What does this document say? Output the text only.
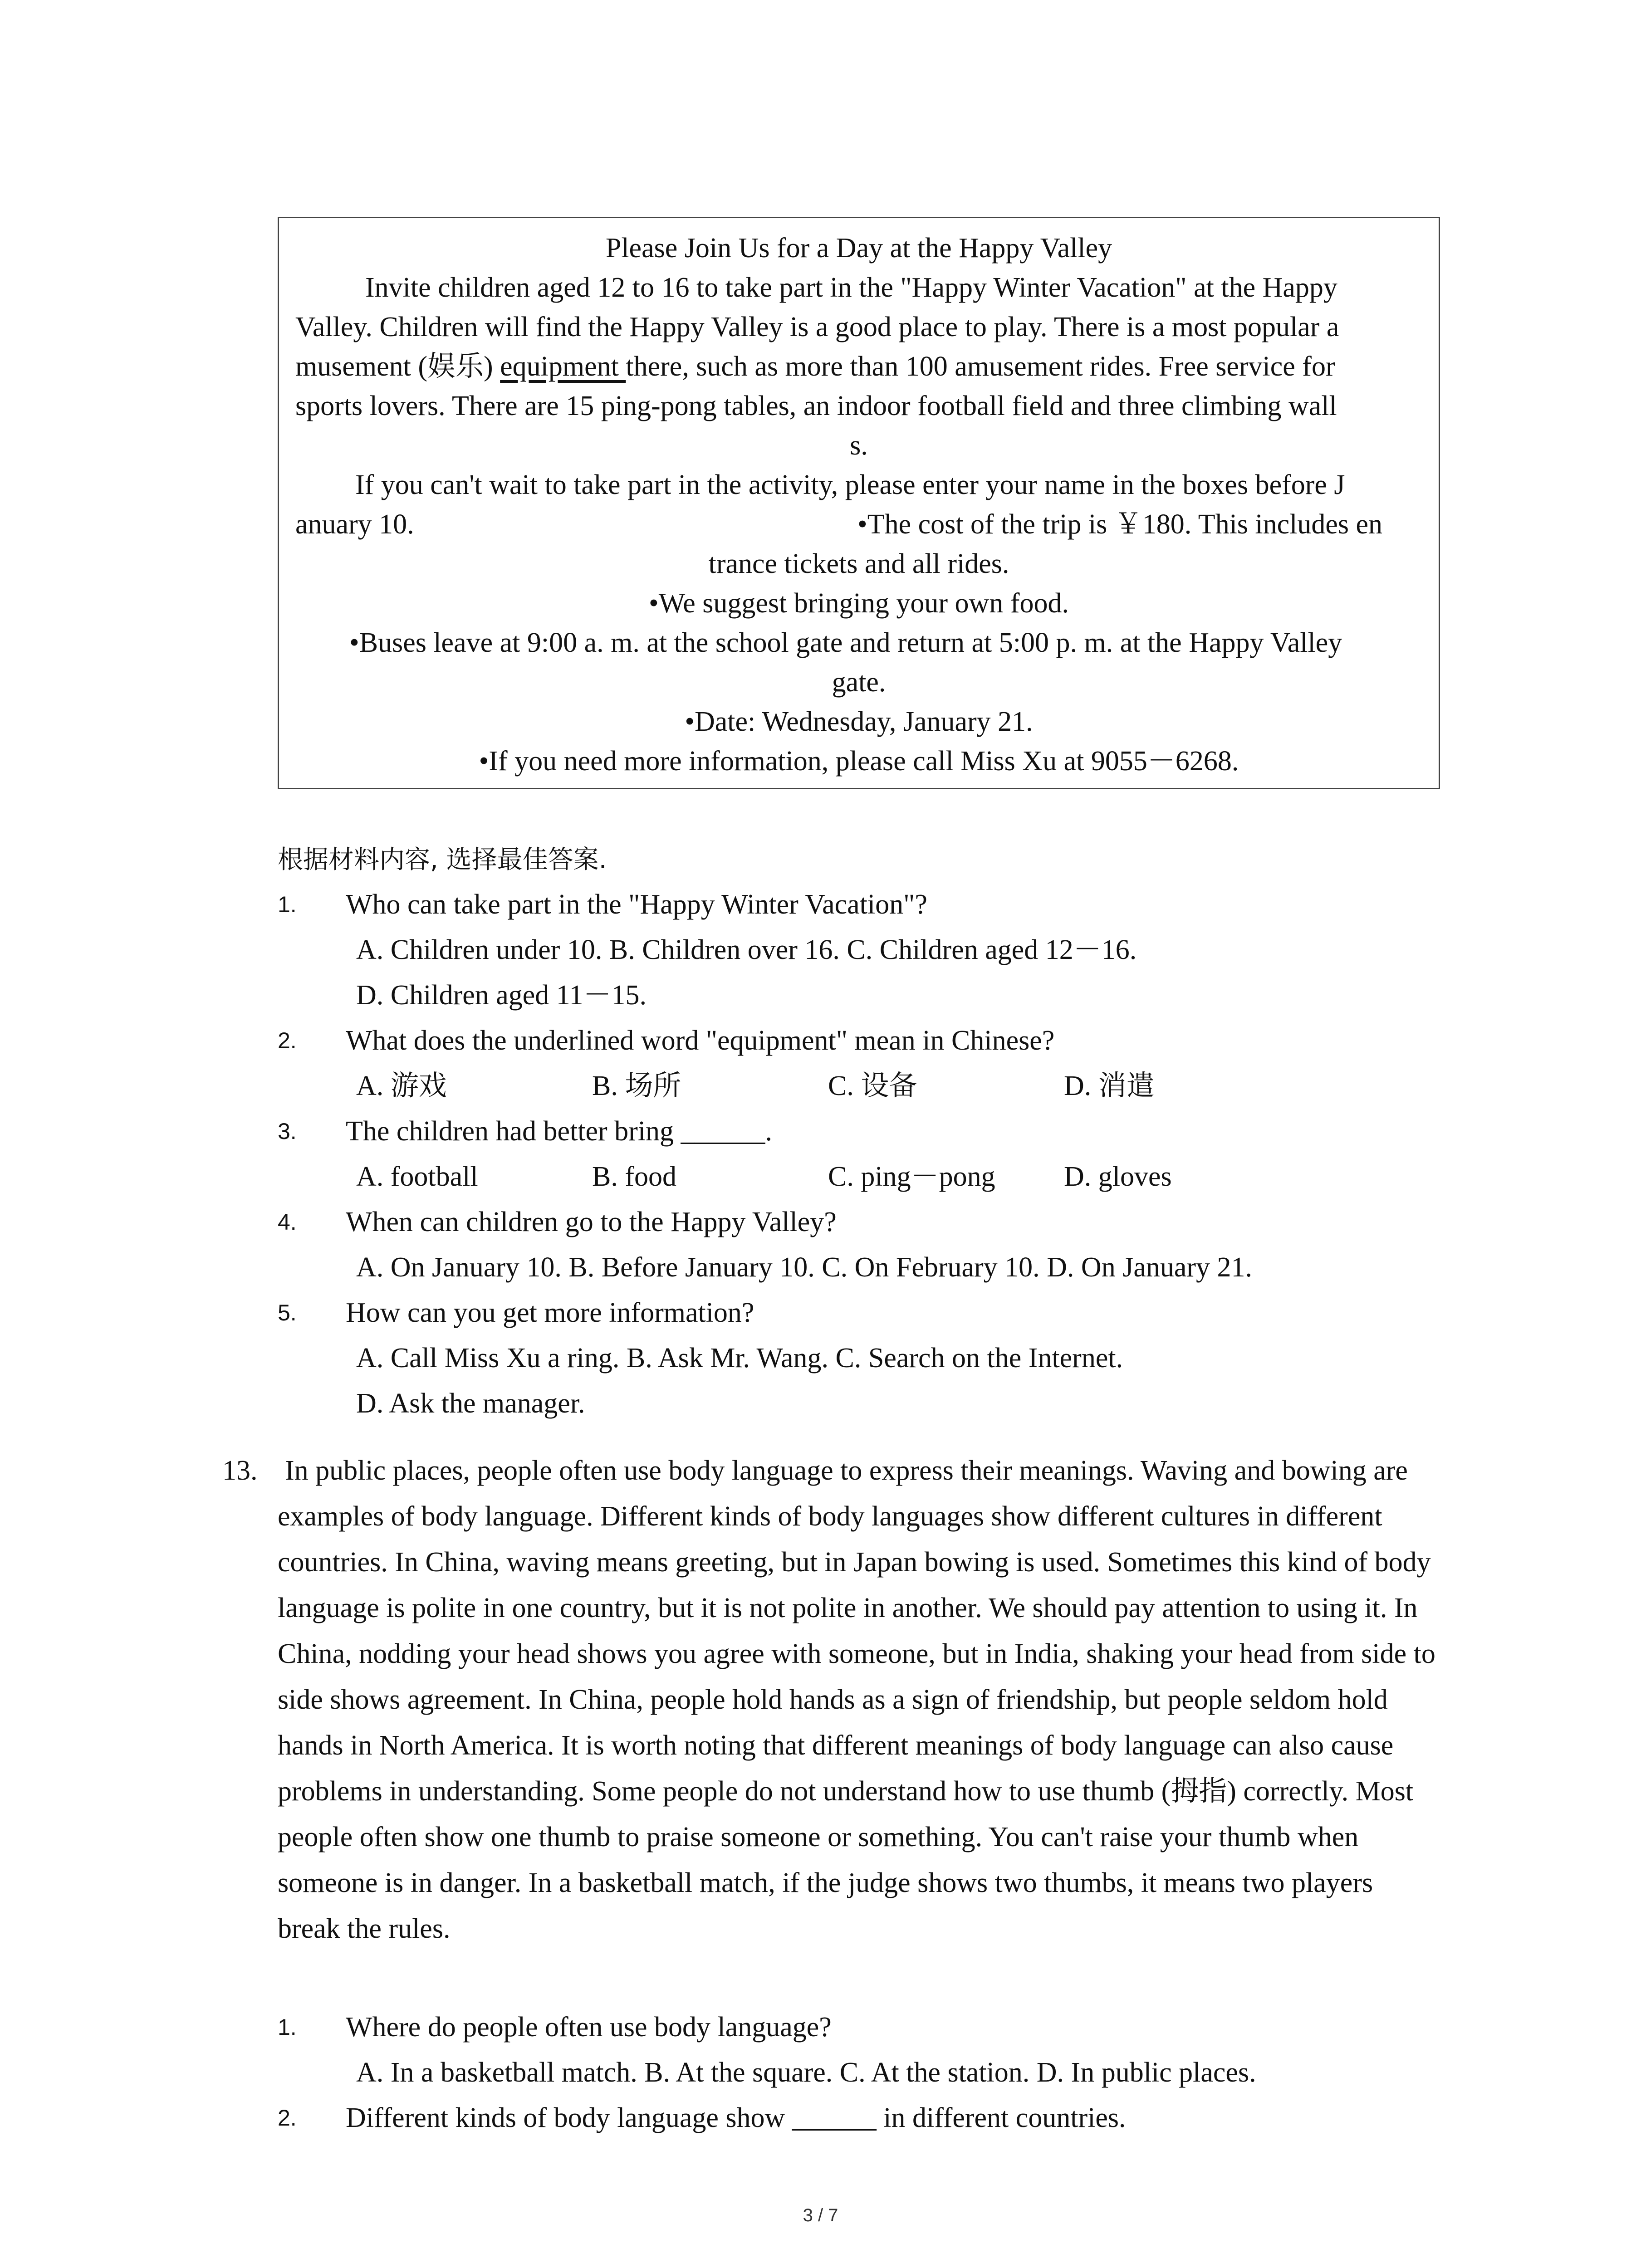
Please Join Us for a Day at the Happy Valley
Invite children aged 12 to 16 to take part in the "Happy Winter Vacation" at the Happy
Valley. Children will find the Happy Valley is a good place to play. There is a most popular a
musement (娱乐) equipment there, such as more than 100 amusement rides. Free service for
sports lovers. There are 15 ping-pong tables, an indoor football field and three climbing wall
s.
If you can't wait to take part in the activity, please enter your name in the boxes before J
anuary 10.	•The cost of the trip is ￥180. This includes en
trance tickets and all rides.
•We suggest bringing your own food.
•Buses leave at 9:00 a. m. at the school gate and return at 5:00 p. m. at the Happy Valley
gate.
•Date: Wednesday, January 21.
•If you need more information, please call Miss Xu at 9055－6268.
根据材料内容, 选择最佳答案.
1. Who can take part in the "Happy Winter Vacation"?
A. Children under 10. B. Children over 16. C. Children aged 12－16.
D. Children aged 11－15.
2. What does the underlined word "equipment" mean in Chinese?
A. 游戏	B. 场所	C. 设备	D. 消遣
3. The children had better bring ______.
A. football	B. food	C. ping－pong D. gloves
4. When can children go to the Happy Valley?
A. On January 10. B. Before January 10. C. On February 10. D. On January 21.
5. How can you get more information?
A. Call Miss Xu a ring. B. Ask Mr. Wang. C. Search on the Internet.
D. Ask the manager.
13. In public places, people often use body language to express their meanings. Waving and bowing are examples of body language. Different kinds of body languages show different cultures in different countries. In China, waving means greeting, but in Japan bowing is used. Sometimes this kind of body language is polite in one country, but it is not polite in another. We should pay attention to using it. In China, nodding your head shows you agree with someone, but in India, shaking your head from side to side shows agreement. In China, people hold hands as a sign of friendship, but people seldom hold hands in North America. It is worth noting that different meanings of body language can also cause problems in understanding. Some people do not understand how to use thumb (拇指) correctly. Most people often show one thumb to praise someone or something. You can't raise your thumb when someone is in danger. In a basketball match, if the judge shows two thumbs, it means two players break the rules.

1. Where do people often use body language?
A. In a basketball match. B. At the square. C. At the station. D. In public places.
2. Different kinds of body language show ______ in different countries.
3 / 7
